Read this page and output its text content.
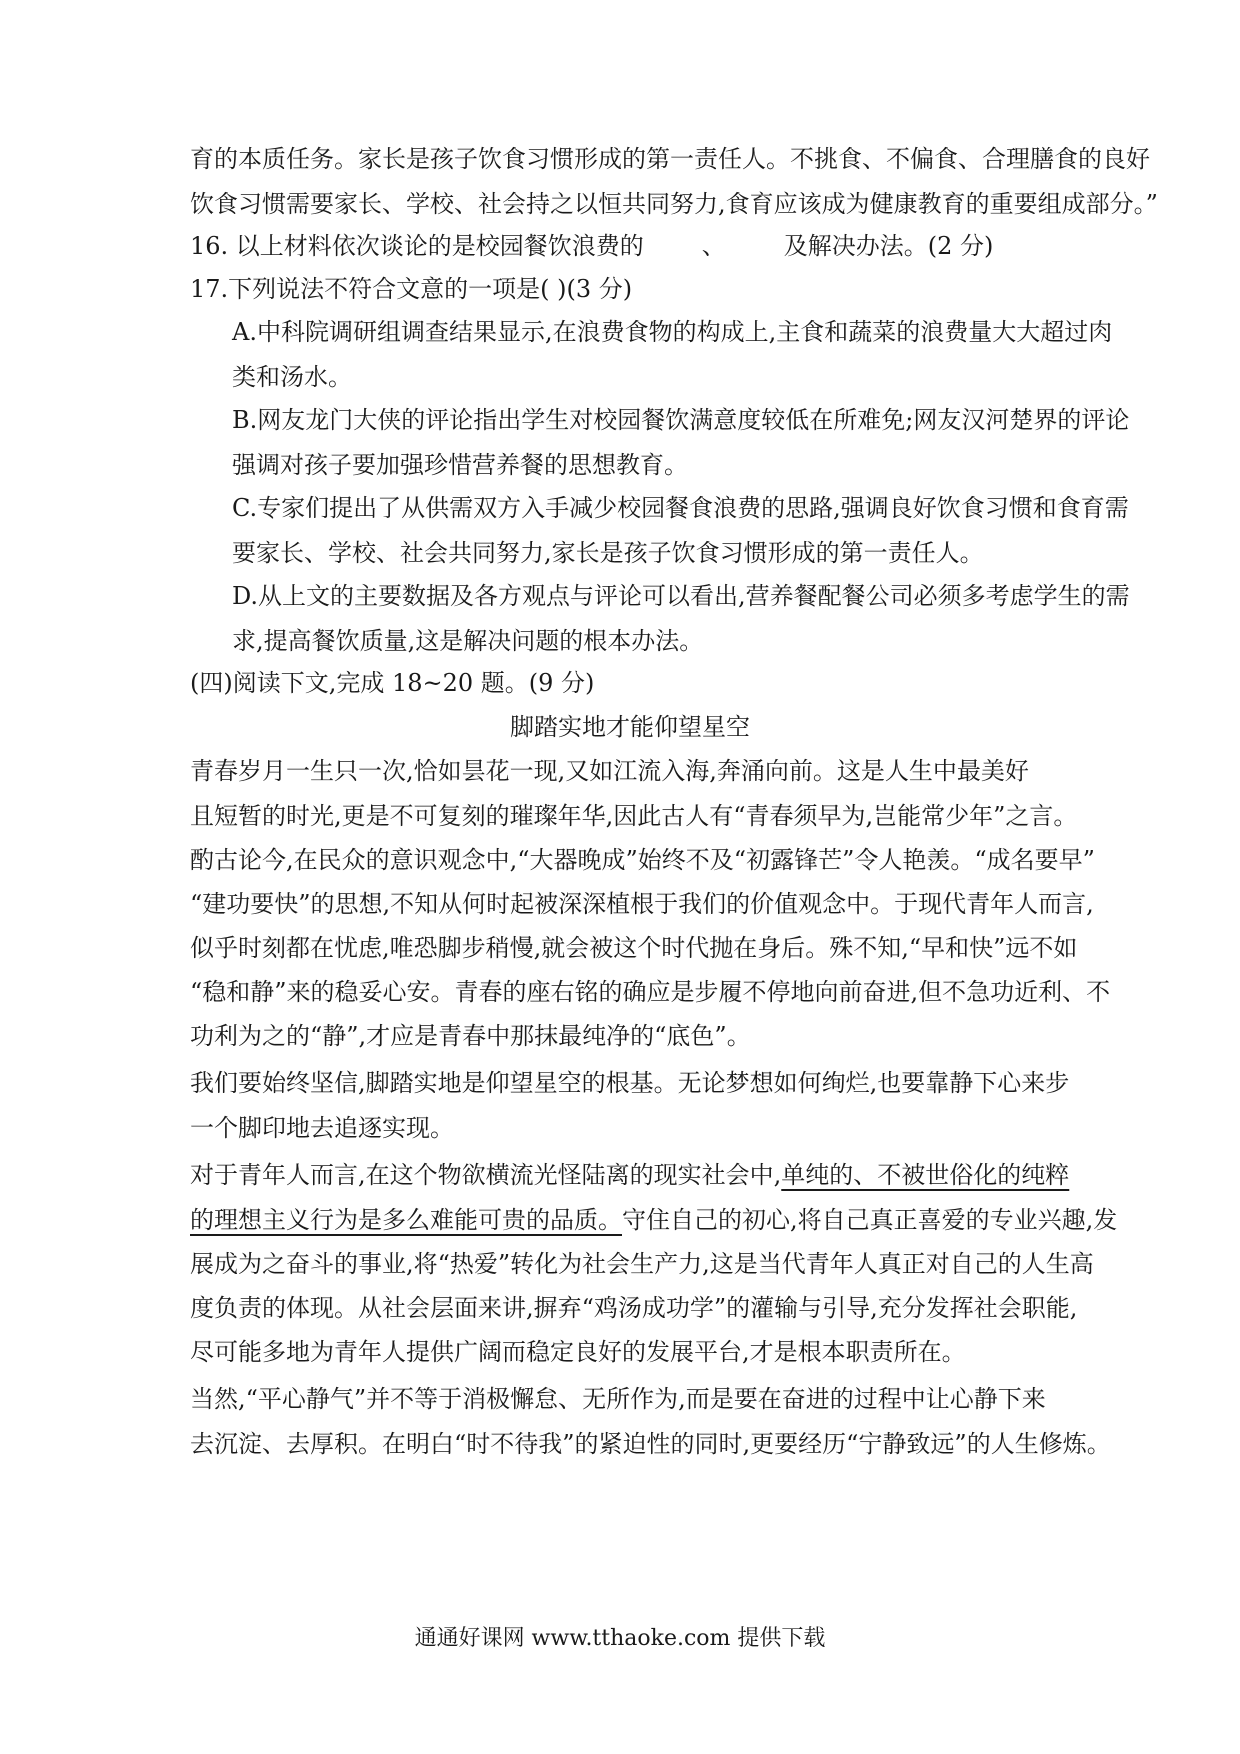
育的本质任务。家长是孩子饮食习惯形成的第一责任人。不挑食、不偏食、合理膳食的良好
饮食习惯需要家长、学校、社会持之以恒共同努力,食育应该成为健康教育的重要组成部分。”
16. 以上材料依次谈论的是校园餐饮浪费的 、 及解决办法。(2 分)
17.下列说法不符合文意的一项是( )(3 分)
A.中科院调研组调查结果显示,在浪费食物的构成上,主食和蔬菜的浪费量大大超过肉
类和汤水。
B.网友龙门大侠的评论指出学生对校园餐饮满意度较低在所难免;网友汉河楚界的评论
强调对孩子要加强珍惜营养餐的思想教育。
C.专家们提出了从供需双方入手减少校园餐食浪费的思路,强调良好饮食习惯和食育需
要家长、学校、社会共同努力,家长是孩子饮食习惯形成的第一责任人。
D.从上文的主要数据及各方观点与评论可以看出,营养餐配餐公司必须多考虑学生的需
求,提高餐饮质量,这是解决问题的根本办法。
(四)阅读下文,完成 18~20 题。(9 分)
脚踏实地才能仰望星空
青春岁月一生只一次,恰如昙花一现,又如江流入海,奔涌向前。这是人生中最美好
且短暂的时光,更是不可复刻的璀璨年华,因此古人有“青春须早为,岂能常少年”之言。
酌古论今,在民众的意识观念中,“大器晚成”始终不及“初露锋芒”令人艳羡。“成名要早”
“建功要快”的思想,不知从何时起被深深植根于我们的价值观念中。于现代青年人而言,
似乎时刻都在忧虑,唯恐脚步稍慢,就会被这个时代抛在身后。殊不知,“早和快”远不如
“稳和静”来的稳妥心安。青春的座右铭的确应是步履不停地向前奋进,但不急功近利、不
功利为之的“静”,才应是青春中那抹最纯净的“底色”。
我们要始终坚信,脚踏实地是仰望星空的根基。无论梦想如何绚烂,也要靠静下心来步
一个脚印地去追逐实现。
对于青年人而言,在这个物欲横流光怪陆离的现实社会中,单纯的、不被世俗化的纯粹
的理想主义行为是多么难能可贵的品质。守住自己的初心,将自己真正喜爱的专业兴趣,发
展成为之奋斗的事业,将“热爱”转化为社会生产力,这是当代青年人真正对自己的人生高
度负责的体现。从社会层面来讲,摒弃“鸡汤成功学”的灌输与引导,充分发挥社会职能,
尽可能多地为青年人提供广阔而稳定良好的发展平台,才是根本职责所在。
当然,“平心静气”并不等于消极懈怠、无所作为,而是要在奋进的过程中让心静下来
去沉淀、去厚积。在明白“时不待我”的紧迫性的同时,更要经历“宁静致远”的人生修炼。
通通好课网 www.tthaoke.com 提供下载
